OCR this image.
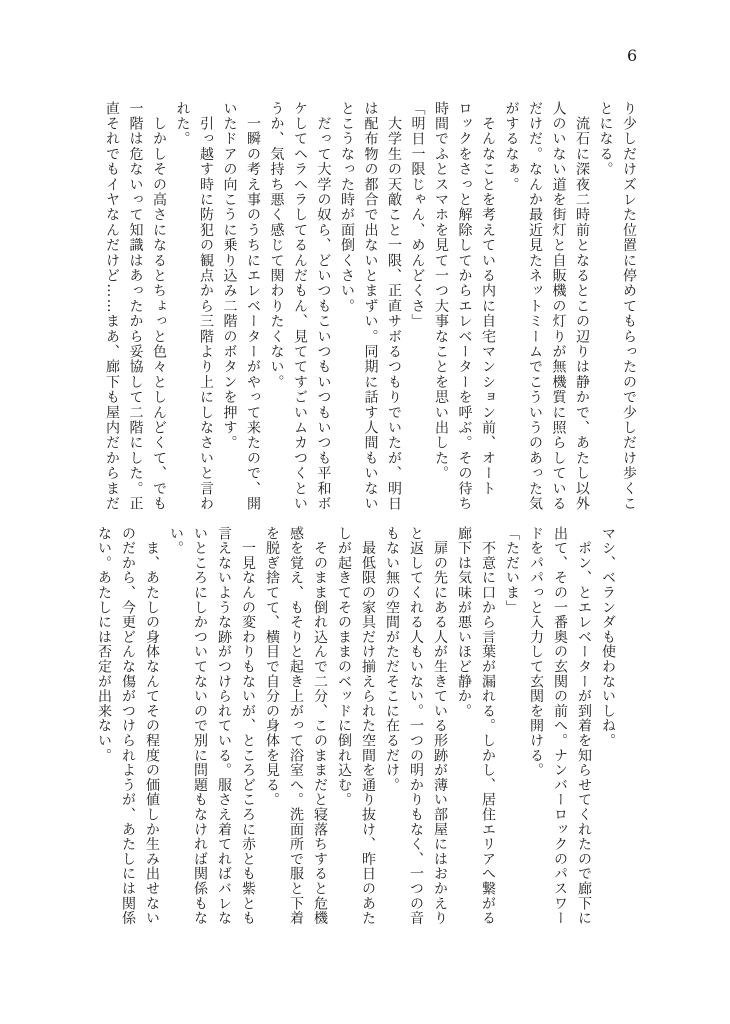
6
り少しだけズレた位置に停めてもらったので少しだけ歩くこ
とになる。
　流石に深夜二時前となるとこの辺りは静かで、あたし以外
人のいない道を街灯と自販機の灯りが無機質に照らしている
だけだ。なんか最近見たネットミームでこういうのあった気
がするなぁ。
　そんなことを考えている内に自宅マンション前、オート
ロックをさっと解除してからエレベーターを呼ぶ。その待ち
時間でふとスマホを見て一つ大事なことを思い出した。
「明日一限じゃん、めんどくさ」
　大学生の天敵こと一限、正直サボるつもりでいたが、明日
は配布物の都合で出ないとまずい。同期に話す人間もいない
とこうなった時が面倒くさい。
　だって大学の奴ら、どいつもこいつもいつもいつも平和ボ
ケしてヘラヘラしてるんだもん、見ててすごいムカつくとい
うか、気持ち悪く感じて関わりたくない。
　一瞬の考え事のうちにエレベーターがやって来たので、開
いたドアの向こうに乗り込み二階のボタンを押す。
　引っ越す時に防犯の観点から三階より上にしなさいと言わ
れた。
　しかしその高さになるとちょっと色々としんどくて、でも
一階は危ないって知識はあったから妥協して二階にした。正
直それでもイヤなんだけど……まあ、廊下も屋内だからまだ
マシ、ベランダも使わないしね。
　ポン、とエレベーターが到着を知らせてくれたので廊下に
出て、その一番奥の玄関の前へ。ナンバーロックのパスワー
ドをパパっと入力して玄関を開ける。
「ただいま」
　不意に口から言葉が漏れる。しかし、居住エリアへ繋がる
廊下は気味が悪いほど静か。
　扉の先にある人が生きている形跡が薄い部屋にはおかえり
と返してくれる人もいない。一つの明かりもなく、一つの音
もない無の空間がただそこに在るだけ。
　最低限の家具だけ揃えられた空間を通り抜け、昨日のあた
しが起きてそのままのベッドに倒れ込む。
　そのまま倒れ込んで二分、このままだと寝落ちすると危機
感を覚え、もそりと起き上がって浴室へ。洗面所で服と下着
を脱ぎ捨てて、横目で自分の身体を見る。
　一見なんの変わりもないが、ところどころに赤とも紫とも
言えないような跡がつけられている。服さえ着てればバレな
いところにしかついてないので別に問題もなければ関係もな
い。
　ま、あたしの身体なんてその程度の価値しか生み出せない
のだから、今更どんな傷がつけられようが、あたしには関係
ない。あたしには否定が出来ない。
